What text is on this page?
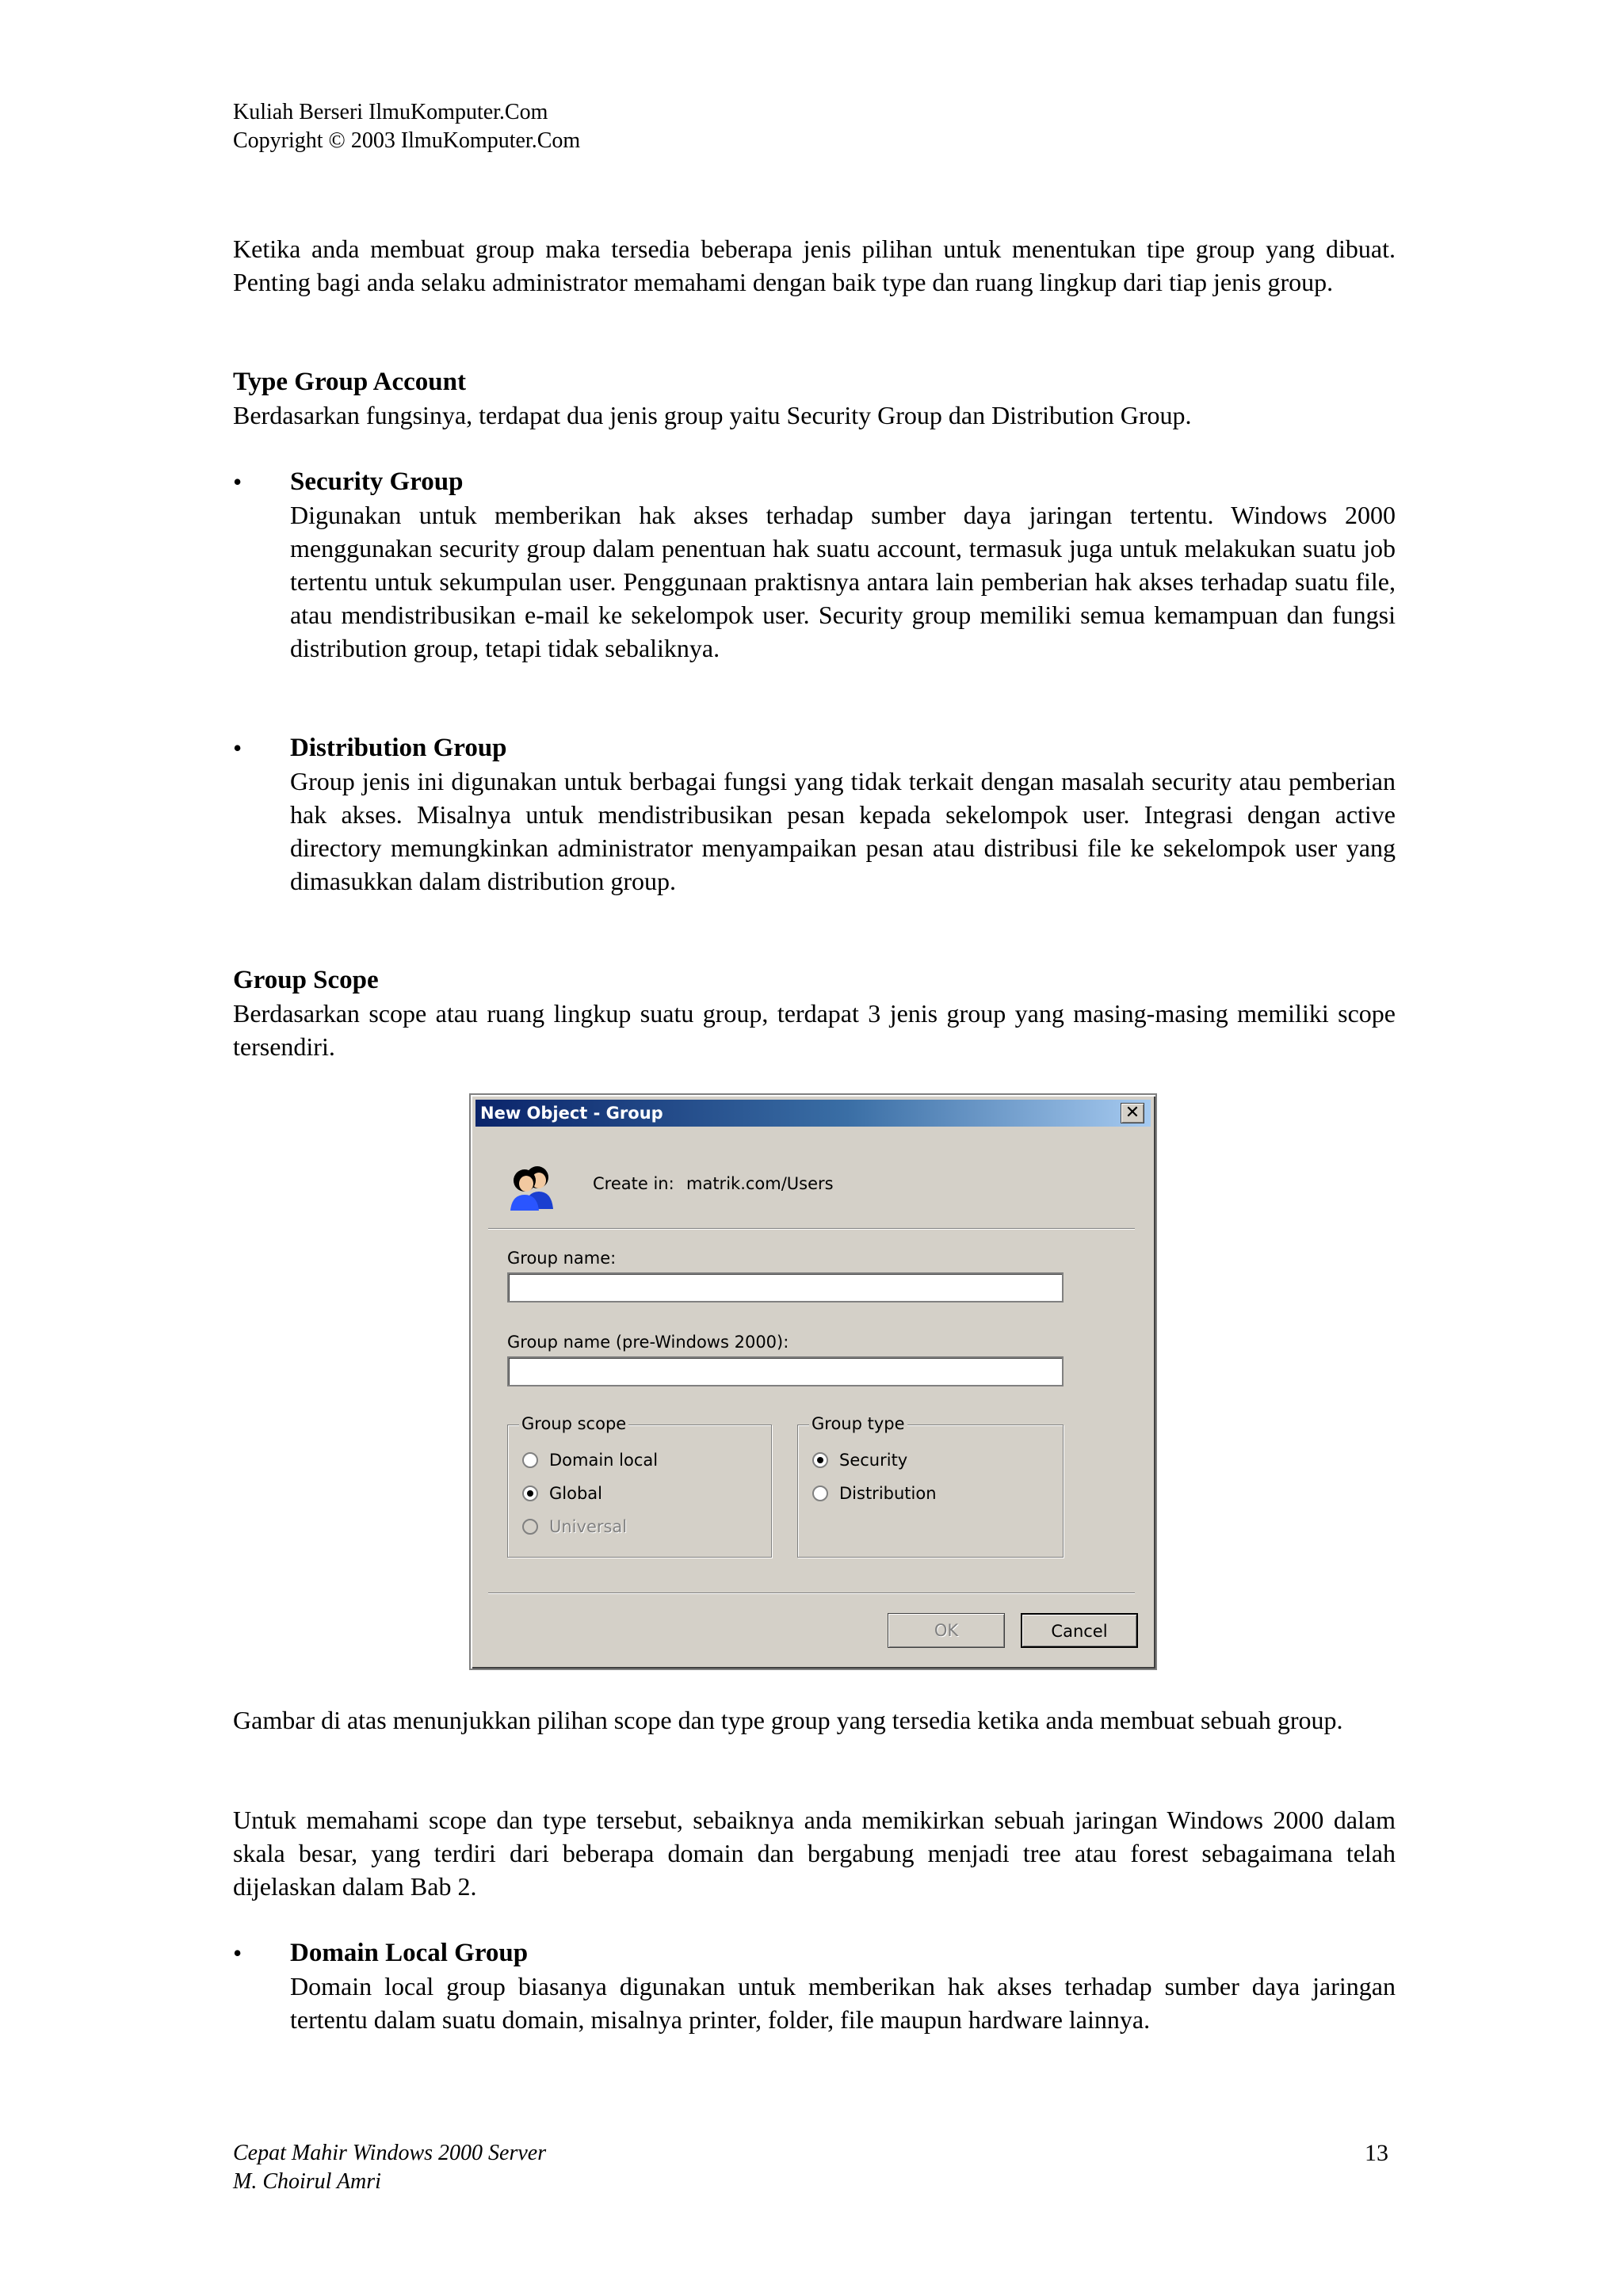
Kuliah Berseri IlmuKomputer.Com
Copyright © 2003 IlmuKomputer.Com

Ketika anda membuat group maka tersedia beberapa jenis pilihan untuk menentukan tipe group yang dibuat. Penting bagi anda selaku administrator memahami dengan baik type dan ruang lingkup dari tiap jenis group.

Type Group Account

Berdasarkan fungsinya, terdapat dua jenis group yaitu Security Group dan Distribution Group.

• Security Group
Digunakan untuk memberikan hak akses terhadap sumber daya jaringan tertentu. Windows 2000 menggunakan security group dalam penentuan hak suatu account, termasuk juga untuk melakukan suatu job tertentu untuk sekumpulan user. Penggunaan praktisnya antara lain pemberian hak akses terhadap suatu file, atau mendistribusikan e-mail ke sekelompok user. Security group memiliki semua kemampuan dan fungsi distribution group, tetapi tidak sebaliknya.
• Distribution Group
Group jenis ini digunakan untuk berbagai fungsi yang tidak terkait dengan masalah security atau pemberian hak akses. Misalnya untuk mendistribusikan pesan kepada sekelompok user. Integrasi dengan active directory memungkinkan administrator menyampaikan pesan atau distribusi file ke sekelompok user yang dimasukkan dalam distribution group.
Group Scope

Berdasarkan scope atau ruang lingkup suatu group, terdapat 3 jenis group yang masing-masing memiliki scope tersendiri.

New Object - Group	✕
Create in: matrik.com/Users
Group name:
Group name (pre-Windows 2000):
Group scope
Domain local
Global
Universal
Group type
Security
Distribution
OK	Cancel

Gambar di atas menunjukkan pilihan scope dan type group yang tersedia ketika anda membuat sebuah group.

Untuk memahami scope dan type tersebut, sebaiknya anda memikirkan sebuah jaringan Windows 2000 dalam skala besar, yang terdiri dari beberapa domain dan bergabung menjadi tree atau forest sebagaimana telah dijelaskan dalam Bab 2.

• Domain Local Group
Domain local group biasanya digunakan untuk memberikan hak akses terhadap sumber daya jaringan tertentu dalam suatu domain, misalnya printer, folder, file maupun hardware lainnya.
Cepat Mahir Windows 2000 Server
M. Choirul Amri
13
